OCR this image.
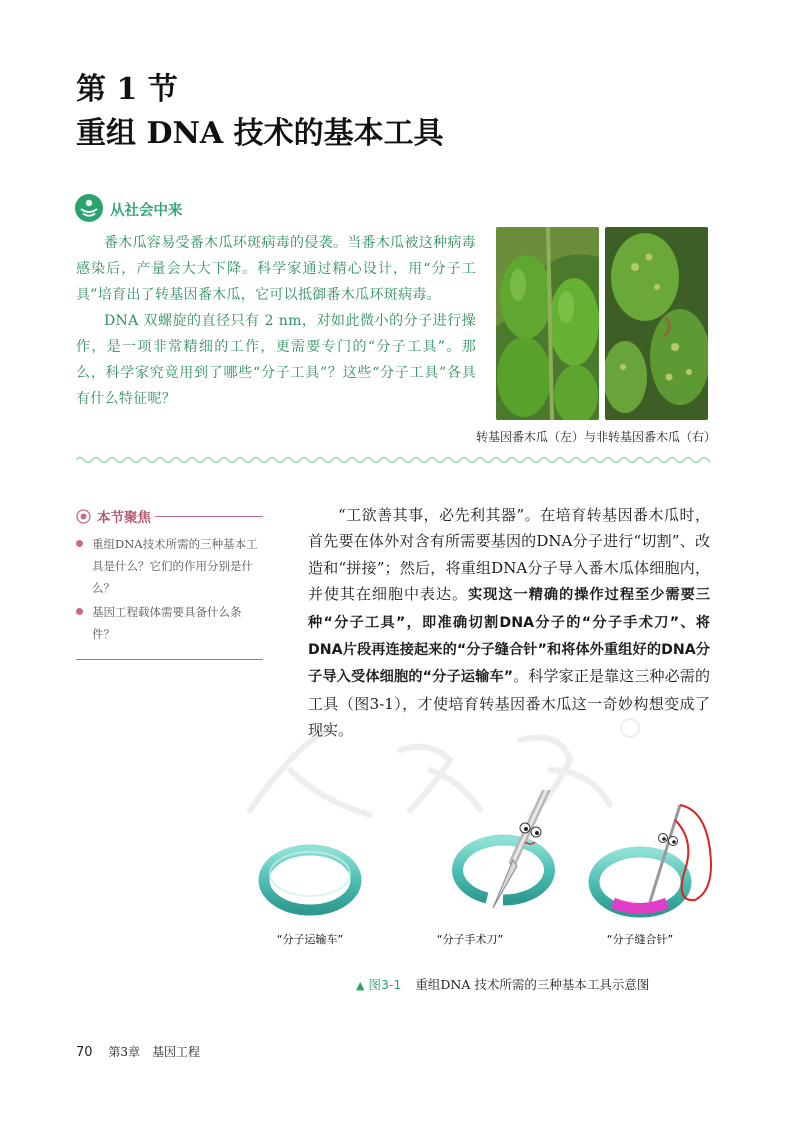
第 1 节
重组 DNA 技术的基本工具
从社会中来

番木瓜容易受番木瓜环斑病毒的侵袭。当番木瓜被这种病毒感染后，产量会大大下降。科学家通过精心设计，用“分子工具”培育出了转基因番木瓜，它可以抵御番木瓜环斑病毒。

DNA 双螺旋的直径只有 2 nm，对如此微小的分子进行操作，是一项非常精细的工作，更需要专门的“分子工具”。那么，科学家究竟用到了哪些“分子工具”？这些“分子工具”各具有什么特征呢？

转基因番木瓜（左）与非转基因番木瓜（右）
本节聚焦
重组DNA技术所需的三种基本工具是什么？它们的作用分别是什么？
基因工程载体需要具备什么条件？

“工欲善其事，必先利其器”。在培育转基因番木瓜时，首先要在体外对含有所需要基因的DNA分子进行“切割”、改造和“拼接”；然后，将重组DNA分子导入番木瓜体细胞内，并使其在细胞中表达。实现这一精确的操作过程至少需要三种“分子工具”，即准确切割DNA分子的“分子手术刀”、将DNA片段再连接起来的“分子缝合针”和将体外重组好的DNA分子导入受体细胞的“分子运输车”。科学家正是靠这三种必需的工具（图3-1），才使培育转基因番木瓜这一奇妙构想变成了现实。

“分子运输车”	“分子手术刀”	“分子缝合针”
▲ 图3-1 重组DNA 技术所需的三种基本工具示意图
70 第3章　基因工程
